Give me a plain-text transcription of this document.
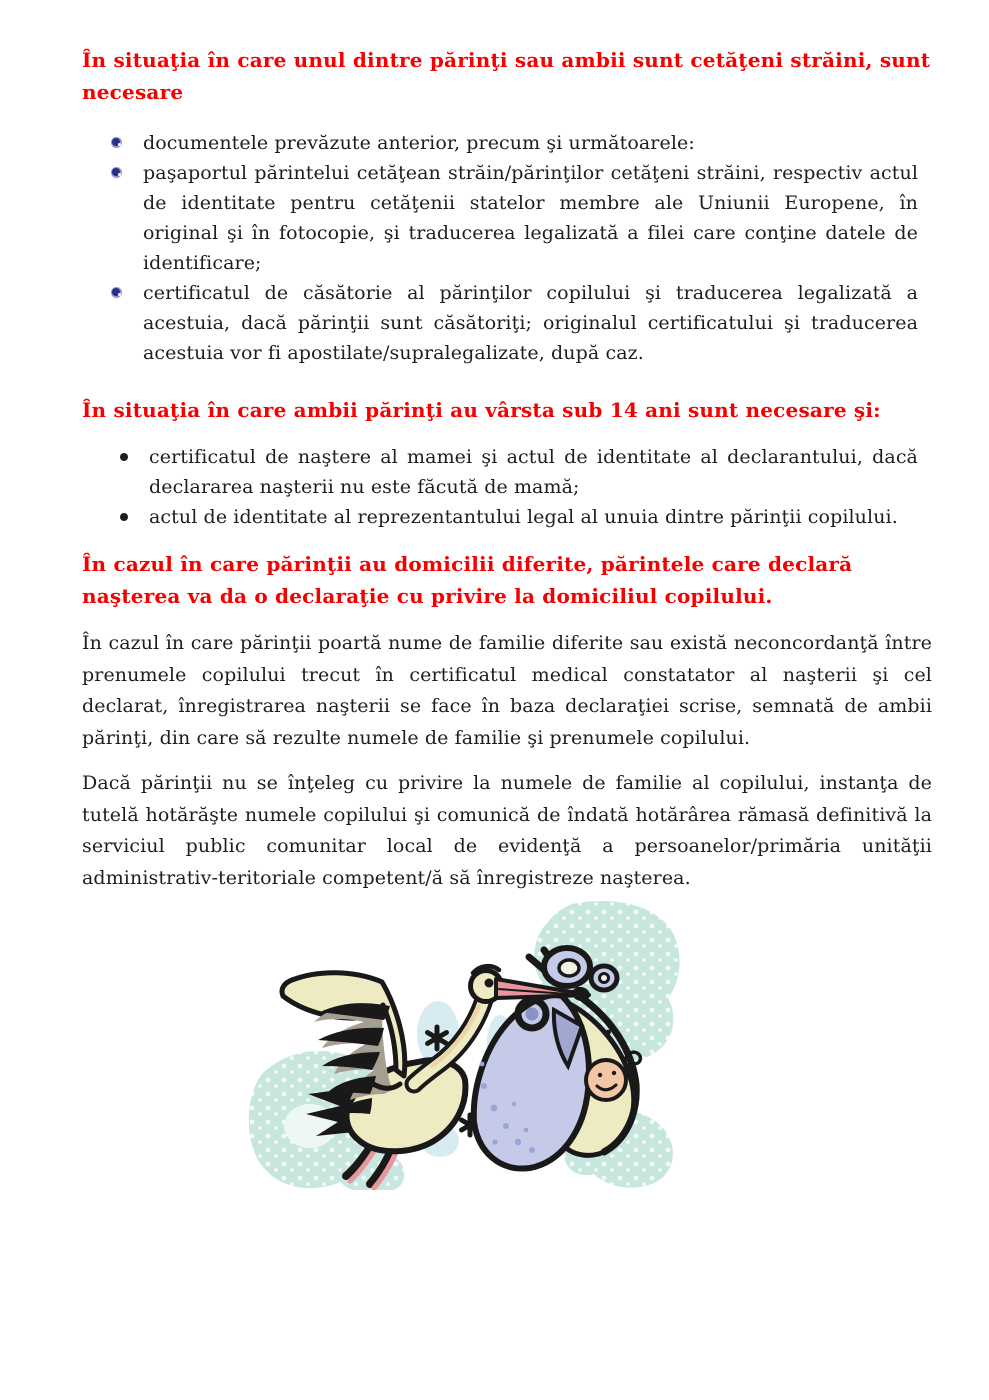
În situaţia în care unul dintre părinţi sau ambii sunt cetăţeni străini, sunt necesare
documentele prevăzute anterior, precum şi următoarele:
paşaportul părintelui cetăţean străin/părinţilor cetăţeni străini, respectiv actul de identitate pentru cetăţenii statelor membre ale Uniunii Europene, în original şi în fotocopie, şi traducerea legalizată a filei care conţine datele de identificare;
certificatul de căsătorie al părinţilor copilului şi traducerea legalizată a acestuia, dacă părinţii sunt căsătoriţi; originalul certificatului şi traducerea acestuia vor fi apostilate/supralegalizate, după caz.
În situaţia în care ambii părinţi au vârsta sub 14 ani sunt necesare şi:
certificatul de naştere al mamei şi actul de identitate al declarantului, dacă declararea naşterii nu este făcută de mamă;
actul de identitate al reprezentantului legal al unuia dintre părinţii copilului.
În cazul în care părinţii au domicilii diferite, părintele care declară naşterea va da o declaraţie cu privire la domiciliul copilului.

În cazul în care părinţii poartă nume de familie diferite sau există neconcordanţă între prenumele copilului trecut în certificatul medical constatator al naşterii şi cel declarat, înregistrarea naşterii se face în baza declaraţiei scrise, semnată de ambii părinţi, din care să rezulte numele de familie şi prenumele copilului.

Dacă părinţii nu se înţeleg cu privire la numele de familie al copilului, instanţa de tutelă hotărăşte numele copilului şi comunică de îndată hotărârea rămasă definitivă la serviciul public comunitar local de evidenţă a persoanelor/primăria unităţii administrativ-teritoriale competent/ă să înregistreze naşterea.
